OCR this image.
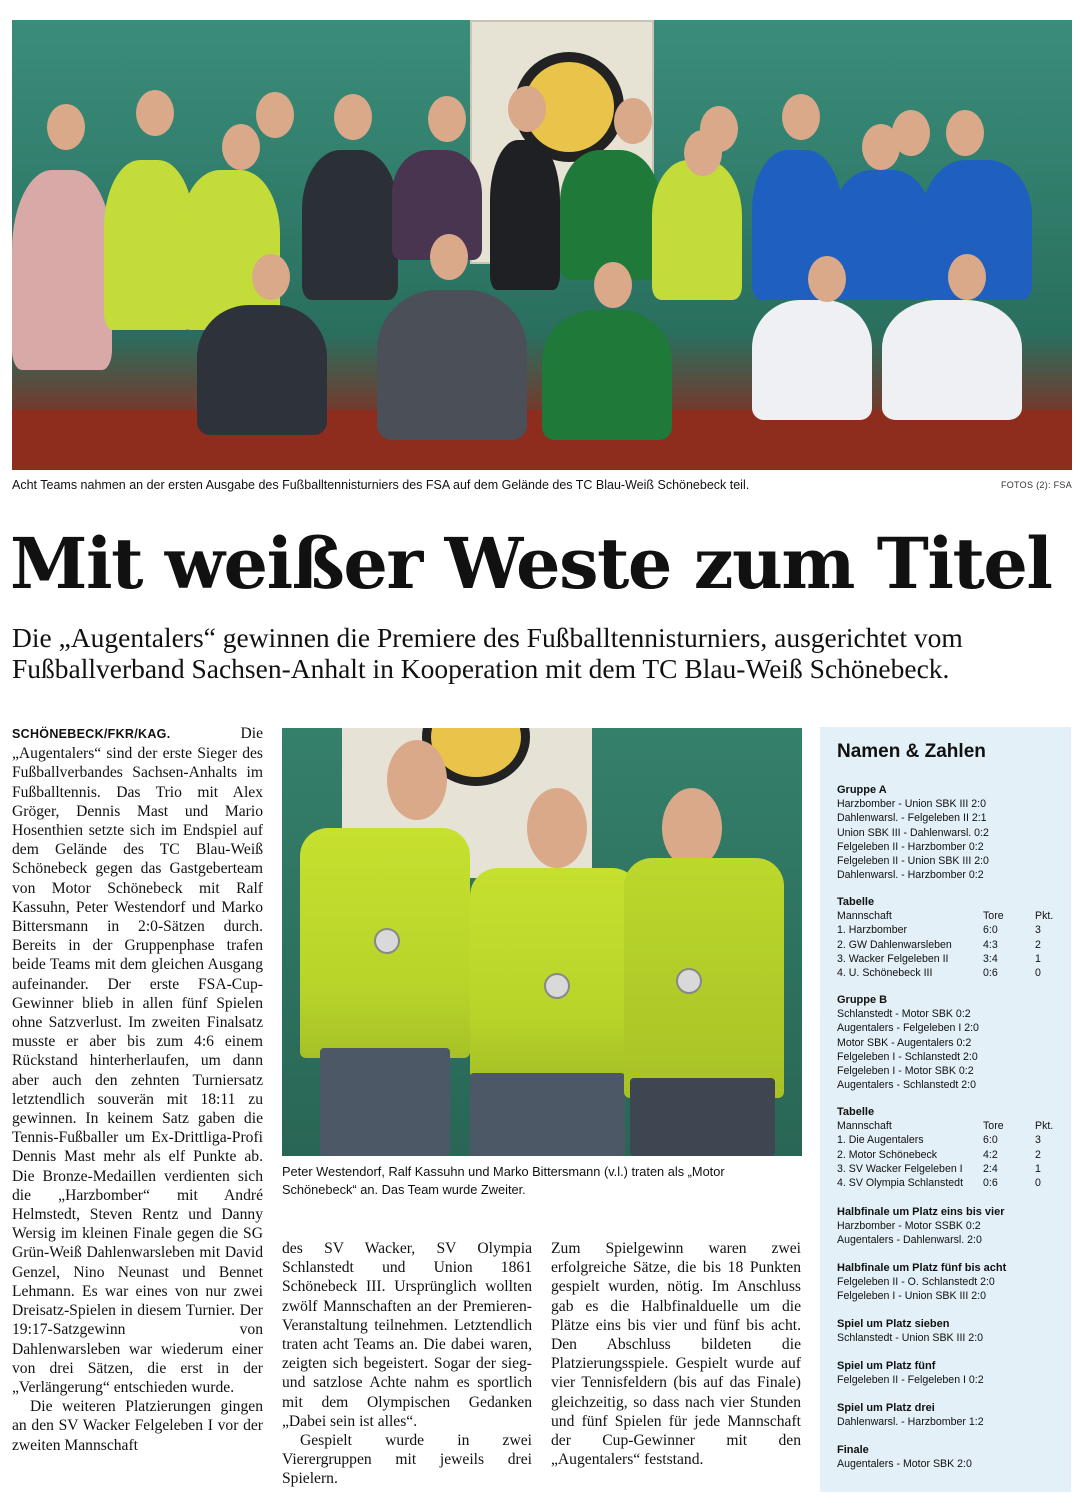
Acht Teams nahmen an der ersten Ausgabe des Fußballtennisturniers des FSA auf dem Gelände des TC Blau-Weiß Schönebeck teil.	FOTOS (2): FSA
Mit weißer Weste zum Titel
Die „Augentalers“ gewinnen die Premiere des Fußballtennisturniers, ausgerichtet vom Fußballverband Sachsen-Anhalt in Kooperation mit dem TC Blau-Weiß Schönebeck.
SCHÖNEBECK/FKR/KAG.	Die „Augentalers“ sind der erste Sieger des Fußballverbandes Sachsen-Anhalts im Fußballtennis. Das Trio mit Alex Gröger, Dennis Mast und Mario Hosenthien setzte sich im Endspiel auf dem Gelände des TC Blau-Weiß Schönebeck gegen das Gastgeberteam von Motor Schönebeck mit Ralf Kassuhn, Peter Westendorf und Marko Bittersmann in 2:0-Sätzen durch. Bereits in der Gruppenphase trafen beide Teams mit dem gleichen Ausgang aufeinander. Der erste FSA-Cup-Gewinner blieb in allen fünf Spielen ohne Satzverlust. Im zweiten Finalsatz musste er aber bis zum 4:6 einem Rückstand hinterherlaufen, um dann aber auch den zehnten Turniersatz letztendlich souverän mit 18:11 zu gewinnen. In keinem Satz gaben die Tennis-Fußballer um Ex-Drittliga-Profi Dennis Mast mehr als elf Punkte ab. Die Bronze-Medaillen verdienten sich die „Harzbomber“ mit André Helmstedt, Steven Rentz und Danny Wersig im kleinen Finale gegen die SG Grün-Weiß Dahlenwarsleben mit David Genzel, Nino Neunast und Bennet Lehmann. Es war eines von nur zwei Dreisatz-Spielen in diesem Turnier. Der 19:17-Satzgewinn von Dahlenwarsleben war wiederum einer von drei Sätzen, die erst in der „Verlängerung“ entschieden wurde.
Die weiteren Platzierungen gingen an den SV Wacker Felgeleben I vor der zweiten Mannschaft
Peter Westendorf, Ralf Kassuhn und Marko Bittersmann (v.l.) traten als „Motor Schönebeck“ an. Das Team wurde Zweiter.
des SV Wacker, SV Olympia Schlanstedt und Union 1861 Schönebeck III. Ursprünglich wollten zwölf Mannschaften an der Premieren-Veranstaltung teilnehmen. Letztendlich traten acht Teams an. Die dabei waren, zeigten sich begeistert. Sogar der sieg- und satzlose Achte nahm es sportlich mit dem Olympischen Gedanken „Dabei sein ist alles“.
Gespielt wurde in zwei Vierergruppen mit jeweils drei Spielern.
Zum Spielgewinn waren zwei erfolgreiche Sätze, die bis 18 Punkten gespielt wurden, nötig. Im Anschluss gab es die Halbfinalduelle um die Plätze eins bis vier und fünf bis acht. Den Abschluss bildeten die Platzierungsspiele. Gespielt wurde auf vier Tennisfeldern (bis auf das Finale) gleichzeitig, so dass nach vier Stunden und fünf Spielen für jede Mannschaft der Cup-Gewinner mit den „Augentalers“ feststand.
Namen & Zahlen
Gruppe A
Harzbomber - Union SBK III 2:0
Dahlenwarsl. - Felgeleben II 2:1
Union SBK III - Dahlenwarsl. 0:2
Felgeleben II - Harzbomber 0:2
Felgeleben II - Union SBK III 2:0
Dahlenwarsl. - Harzbomber 0:2
Tabelle
Mannschaft	Tore	Pkt.
1. Harzbomber	6:0	3
2. GW Dahlenwarsleben	4:3	2
3. Wacker Felgeleben II	3:4	1
4. U. Schönebeck III	0:6	0
Gruppe B
Schlanstedt - Motor SBK 0:2
Augentalers - Felgeleben I 2:0
Motor SBK - Augentalers 0:2
Felgeleben I - Schlanstedt 2:0
Felgeleben I - Motor SBK 0:2
Augentalers - Schlanstedt 2:0
Tabelle
Mannschaft	Tore	Pkt.
1. Die Augentalers	6:0	3
2. Motor Schönebeck	4:2	2
3. SV Wacker Felgeleben I	2:4	1
4. SV Olympia Schlanstedt	0:6	0
Halbfinale um Platz eins bis vier
Harzbomber - Motor SSBK 0:2
Augentalers - Dahlenwarsl. 2:0
Halbfinale um Platz fünf bis acht
Felgeleben II - O. Schlanstedt 2:0
Felgeleben I - Union SBK III 2:0
Spiel um Platz sieben
Schlanstedt - Union SBK III 2:0
Spiel um Platz fünf
Felgeleben II - Felgeleben I 0:2
Spiel um Platz drei
Dahlenwarsl. - Harzbomber 1:2
Finale
Augentalers - Motor SBK 2:0
